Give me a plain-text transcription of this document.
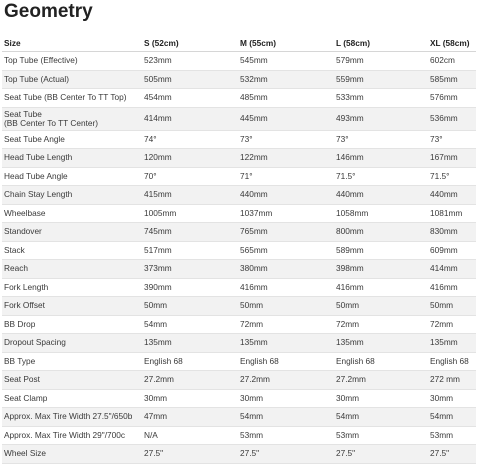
Geometry
Size	S (52cm)	M (55cm)	L (58cm)	XL (58cm)
Top Tube (Effective)	523mm	545mm	579mm	602cm
Top Tube (Actual)	505mm	532mm	559mm	585mm
Seat Tube (BB Center To TT Top)	454mm	485mm	533mm	576mm
Seat Tube
(BB Center To TT Center)	414mm	445mm	493mm	536mm
Seat Tube Angle	74°	73°	73°	73°
Head Tube Length	120mm	122mm	146mm	167mm
Head Tube Angle	70°	71°	71.5°	71.5°
Chain Stay Length	415mm	440mm	440mm	440mm
Wheelbase	1005mm	1037mm	1058mm	1081mm
Standover	745mm	765mm	800mm	830mm
Stack	517mm	565mm	589mm	609mm
Reach	373mm	380mm	398mm	414mm
Fork Length	390mm	416mm	416mm	416mm
Fork Offset	50mm	50mm	50mm	50mm
BB Drop	54mm	72mm	72mm	72mm
Dropout Spacing	135mm	135mm	135mm	135mm
BB Type	English 68	English 68	English 68	English 68
Seat Post	27.2mm	27.2mm	27.2mm	272 mm
Seat Clamp	30mm	30mm	30mm	30mm
Approx. Max Tire Width 27.5"/650b	47mm	54mm	54mm	54mm
Approx. Max Tire Width 29"/700c	N/A	53mm	53mm	53mm
Wheel Size	27.5"	27.5"	27.5"	27.5"
